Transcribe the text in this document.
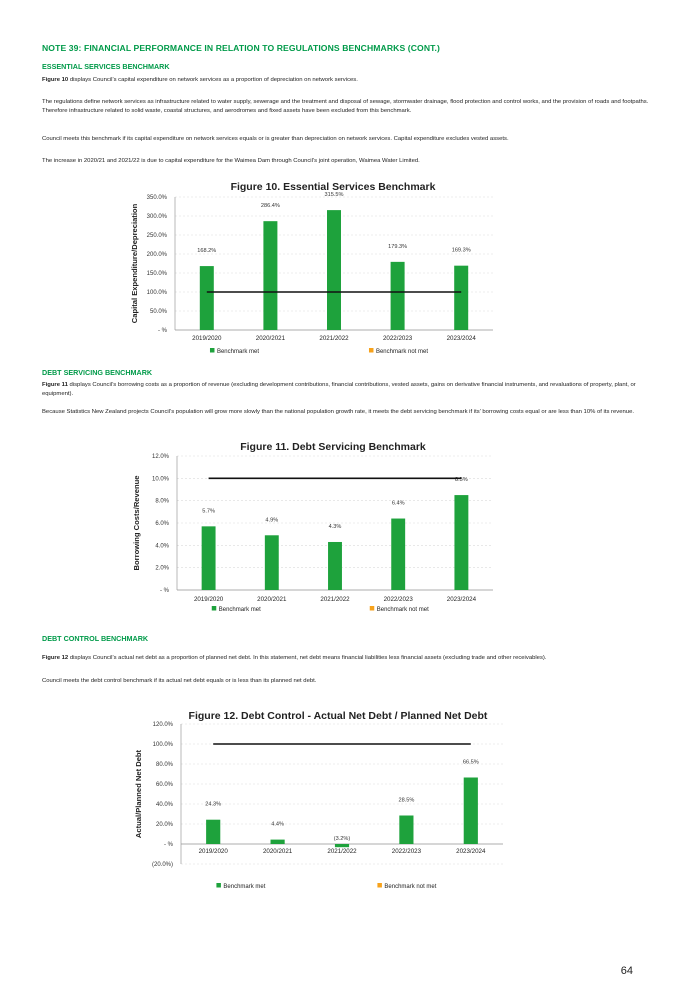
NOTE 39: FINANCIAL PERFORMANCE IN RELATION TO REGULATIONS BENCHMARKS (CONT.)
ESSENTIAL SERVICES BENCHMARK
Figure 10 displays Council’s capital expenditure on network services as a proportion of depreciation on network services.
The regulations define network services as infrastructure related to water supply, sewerage and the treatment and disposal of sewage, stormwater drainage, flood protection and control works, and the provision of roads and footpaths. Therefore infrastructure related to solid waste, coastal structures, and aerodromes and fixed assets have been excluded from this benchmark.
Council meets this benchmark if its capital expenditure on network services equals or is greater than depreciation on network services. Capital expenditure excludes vested assets.
The increase in 2020/21 and 2021/22 is due to capital expenditure for the Waimea Dam through Council’s joint operation, Waimea Water Limited.
Figure 10. Essential Services Benchmark
- %
50.0%
100.0%
150.0%
200.0%
250.0%
300.0%
350.0%
Capital Expenditure/Depreciation	168.2%
2019/2020
286.4%
2020/2021
315.5%
2021/2022
179.3%
2022/2023
169.3%
2023/2024
Benchmark met	Benchmark not met
DEBT SERVICING BENCHMARK
Figure 11 displays Council’s borrowing costs as a proportion of revenue (excluding development contributions, financial contributions, vested assets, gains on derivative financial instruments, and revaluations of property, plant, or equipment).
Because Statistics New Zealand projects Council’s population will grow more slowly than the national population growth rate, it meets the debt servicing benchmark if its’ borrowing costs equal or are less than 10% of its revenue.
Figure 11. Debt Servicing Benchmark
- %
2.0%
4.0%
6.0%
8.0%
10.0%
12.0%
Borrowing Costs/Revenue	5.7%
2019/2020
4.9%
2020/2021
4.3%
2021/2022
6.4%
2022/2023
8.5%
2023/2024
Benchmark met	Benchmark not met
DEBT CONTROL BENCHMARK
Figure 12 displays Council’s actual net debt as a proportion of planned net debt. In this statement, net debt means financial liabilities less financial assets (excluding trade and other receivables).
Council meets the debt control benchmark if its actual net debt equals or is less than its planned net debt.
Figure 12. Debt Control - Actual Net Debt / Planned Net Debt
(20.0%)
- %
20.0%
40.0%
60.0%
80.0%
100.0%
120.0%
Actual/Planned Net Debt	24.3%
2019/2020
4.4%
2020/2021
(3.2%)
2021/2022
28.5%
2022/2023
66.5%
2023/2024
Benchmark met	Benchmark not met
64
